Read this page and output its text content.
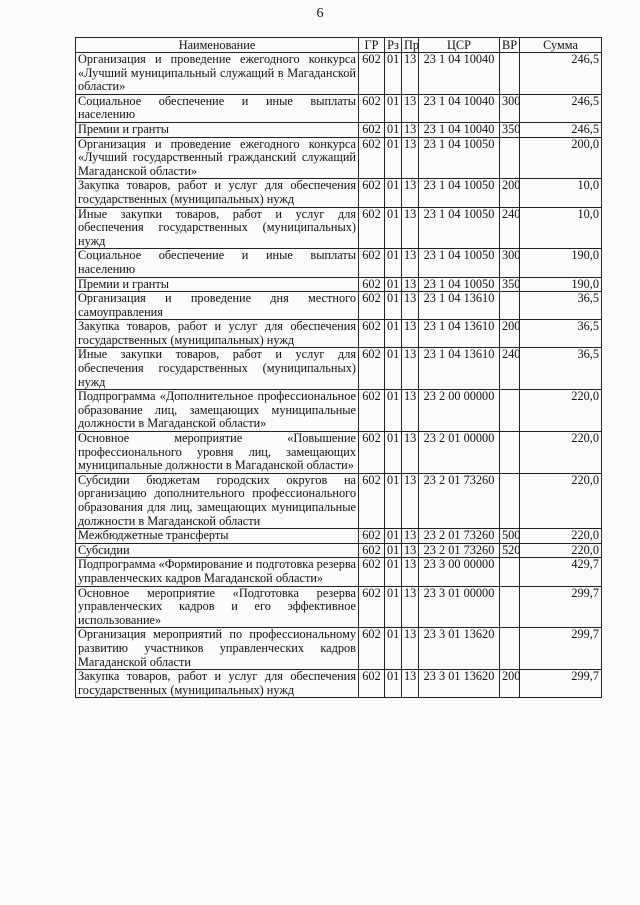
6
Наименование	ГР	Рз	Пр	ЦСР	ВР	Сумма
Организация и проведение ежегодного конкурса «Лучший муниципальный служащий в Магаданской области»	602	01	13	23 1 04 10040		246,5
Социальное обеспечение и иные выплаты населению	602	01	13	23 1 04 10040	300	246,5
Премии и гранты	602	01	13	23 1 04 10040	350	246,5
Организация и проведение ежегодного конкурса «Лучший государственный гражданский служащий Магаданской области»	602	01	13	23 1 04 10050		200,0
Закупка товаров, работ и услуг для обеспечения государственных (муниципальных) нужд	602	01	13	23 1 04 10050	200	10,0
Иные закупки товаров, работ и услуг для обеспечения государственных (муниципальных) нужд	602	01	13	23 1 04 10050	240	10,0
Социальное обеспечение и иные выплаты населению	602	01	13	23 1 04 10050	300	190,0
Премии и гранты	602	01	13	23 1 04 10050	350	190,0
Организация и проведение дня местного самоуправления	602	01	13	23 1 04 13610		36,5
Закупка товаров, работ и услуг для обеспечения государственных (муниципальных) нужд	602	01	13	23 1 04 13610	200	36,5
Иные закупки товаров, работ и услуг для обеспечения государственных (муниципальных) нужд	602	01	13	23 1 04 13610	240	36,5
Подпрограмма «Дополнительное профессиональное образование лиц, замещающих муниципальные должности в Магаданской области»	602	01	13	23 2 00 00000		220,0
Основное мероприятие «Повышение профессионального уровня лиц, замещающих муниципальные должности в Магаданской области»	602	01	13	23 2 01 00000		220,0
Субсидии бюджетам городских округов на организацию дополнительного профессионального образования для лиц, замещающих муниципальные должности в Магаданской области	602	01	13	23 2 01 73260		220,0
Межбюджетные трансферты	602	01	13	23 2 01 73260	500	220,0
Субсидии	602	01	13	23 2 01 73260	520	220,0
Подпрограмма «Формирование и подготовка резерва управленческих кадров Магаданской области»	602	01	13	23 3 00 00000		429,7
Основное мероприятие «Подготовка резерва управленческих кадров и его эффективное использование»	602	01	13	23 3 01 00000		299,7
Организация мероприятий по профессиональному развитию участников управленческих кадров Магаданской области	602	01	13	23 3 01 13620		299,7
Закупка товаров, работ и услуг для обеспечения государственных (муниципальных) нужд	602	01	13	23 3 01 13620	200	299,7
